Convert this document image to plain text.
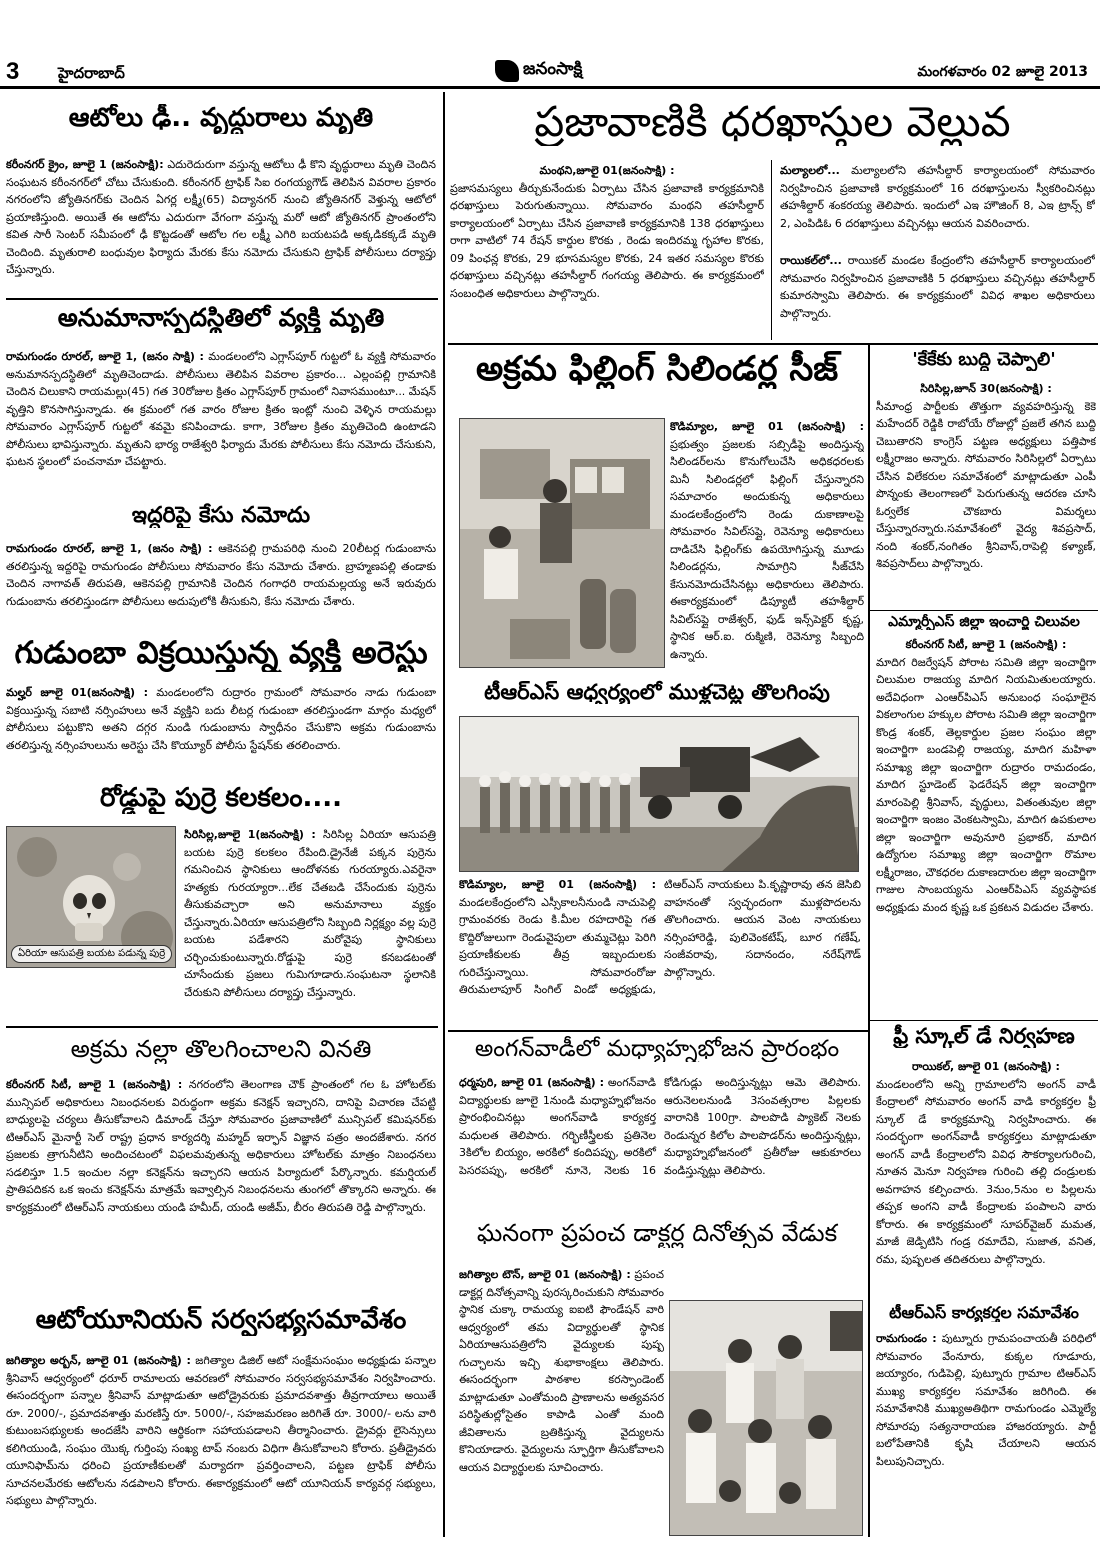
3	హైదరాబాద్	జనంసాక్షి	మంగళవారం 02 జూలై 2013
ఆటోలు ఢీ.. వృద్ధురాలు మృతి
కరీంనగర్ క్రైం, జూలై 1 (జనంసాక్షి): ఎదురెదురుగా వస్తున్న ఆటోలు ఢీ కొని వృద్ధురాలు మృతి చెందిన సంఘటన కరీంనగర్‌లో చోటు చేసుకుంది. కరీంనగర్ ట్రాఫిక్ సిఐ రంగయ్యగౌడ్ తెలిపిన వివరాల ప్రకారం నగరంలోని జ్యోతినగర్‌కు చెందిన ఏగర్ల లక్ష్మీ(65) విద్యానగర్ నుంచి జ్యోతినగర్ వెళ్తున్న ఆటోలో ప్రయాణిస్తుంది. అయితే ఈ ఆటోను ఎదురుగా వేగంగా వస్తున్న మరో ఆటో జ్యోతినగర్ ప్రాంతంలోని కవిత సారీ సెంటర్ సమీపంలో ఢీ కొట్టడంతో ఆటోల గల లక్ష్మీ ఎగిరి బయటపడి అక్కడికక్కడే మృతి చెందింది. మృతురాలి బంధువుల ఫిర్యాదు మేరకు కేసు నమోదు చేసుకుని ట్రాఫిక్ పోలీసులు దర్యాప్తు చేస్తున్నారు.
అనుమానాస్పదస్థితిలో వ్యక్తి మృతి
రామగుండం రూరల్, జూలై 1, (జనం సాక్షి) : మండలంలోని ఎగ్లాస్‌పూర్ గుట్టలో ఓ వ్యక్తి సోమవారం అనుమానస్పదస్థితిలో మృతిచెందాడు. పోలీసులు తెలిపిన వివరాల ప్రకారం... ఎల్లంపల్లి గ్రామానికి చెందిన చిలుకాని రాయమల్లు(45) గత 30రోజుల క్రితం ఎగ్లాస్‌పూర్ గ్రామంలో నివాసముంటూ... మేషన్ వృత్తిని కొనసాగిస్తున్నాడు. ఈ క్రమంలో గత వారం రోజుల క్రితం ఇంట్లో నుంచి వెళ్ళిన రాయమల్లు సోమవారం ఎగ్లాస్‌పూర్ గుట్టలో శవమై కనిపించాడు. కాగా, 3రోజుల క్రితం మృతిచెంది ఉంటాడని పోలీసులు భావిస్తున్నారు. మృతుని భార్య రాజేశ్వరి ఫిర్యాదు మేరకు పోలీసులు కేసు నమోదు చేసుకుని, ఘటన స్థలంలో పంచనామా చేపట్టారు.
ఇద్దరిపై కేసు నమోదు
రామగుండం రూరల్, జూలై 1, (జనం సాక్షి) : ఆకెనపల్లి గ్రామపరిధి నుంచి 20లీటర్ల గుడుంబాను తరలిస్తున్న ఇద్దరిపై రామగుండం పోలీసులు సోమవారం కేసు నమోదు చేశారు. బ్రాహ్మణపల్లి తండాకు చెందిన నాగావత్ తిరుపతి, ఆకెనపల్లి గ్రామానికి చెందిన గంగాధరి రాయమల్లయ్య అనే ఇరువురు గుడుంబాను తరలిస్తుండగా పోలీసులు అదుపులోకి తీసుకుని, కేసు నమోదు చేశారు.
గుడుంబా విక్రయిస్తున్న వ్యక్తి అరెస్టు
మల్హర్ జూలై 01(జనంసాక్షి) : మండలంలోని రుద్రారం గ్రామంలో సోమవారం నాడు గుడుంబా విక్రయిస్తున్న సబాటి నర్సింహులు అనే వ్యక్తిని బదు లీటర్ల గుడుంబా తరలిస్తుండగా మార్గం మధ్యలో పోలీసులు పట్టుకొని అతని దగ్గర నుండి గుడుంబాను స్వాధీనం చేసుకొని అక్రమ గుడుంబాను తరలిస్తున్న నర్సింహులును అరెస్టు చేసి కొయ్యూర్ పోలీసు స్టేషన్‌కు తరలించారు.
రోడ్డుపై పుర్రె కలకలం....
ఏరియా ఆసుపత్రి బయట పడున్న పుర్రె
సిరిసిల్ల,జూలై 1(జనంసాక్షి) : సిరిసిల్ల ఏరియా ఆసుపత్రి బయట పుర్రె కలకలం రేపింది.డ్రైనేజీ పక్కన పుర్రెను గమనించిన స్థానికులు ఆందోళనకు గురయ్యారు.ఎవరైనా హత్యకు గురయ్యారా...లేక చేతబడి చేసేందుకు పుర్రెను తీసుకువచ్చారా అని అనుమానాలు వ్యక్తం చేస్తున్నారు.ఏరియా ఆసుపత్రిలోని సిబ్బంది నిర్లక్ష్యం వల్ల పుర్రె బయట పడేశారని మరోవైపు స్థానికులు చర్చించుకుంటున్నారు.రోడ్డుపై పుర్రె కనబడటంతో చూసేందుకు ప్రజలు గుమిగూడారు.సంఘటనా స్థలానికి చేరుకుని పోలీసులు దర్యాప్తు చేస్తున్నారు.
అక్రమ నల్లా తొలగించాలని వినతి
కరీంనగర్ సిటీ, జూలై 1 (జనంసాక్షి) : నగరంలోని తెలంగాణ చౌక్ ప్రాంతంలో గల ఓ హోటల్‌కు మున్సిపల్ అధికారులు నిబంధనలకు విరుద్ధంగా అక్రమ కనెక్షన్ ఇచ్చారని, దానిపై విచారణ చేపట్టి బాధ్యులపై చర్యలు తీసుకోవాలని డిమాండ్ చేస్తూ సోమవారం ప్రజావాణిలో మున్సిపల్ కమిషనర్‌కు టిఆర్ఎస్ మైనార్టీ సెల్ రాష్ట్ర ప్రధాన కార్యదర్శి మహ్మద్ ఇర్ఫాన్ విజ్ఞాన పత్రం అందజేశారు. నగర ప్రజలకు త్రాగునీటిని అందించటంలో విఫలమవుతున్న అధికారులు హోటల్‌కు మాత్రం నిబంధనలు సడలిస్తూ 1.5 ఇంచుల నల్లా కనెక్షన్‌ను ఇచ్చారని ఆయన పిర్యాదులో పేర్కొన్నారు. కమర్షియల్ ప్రాతిపదికన ఒక ఇంచు కనెక్షన్‌ను మాత్రమే ఇవ్వాల్సిన నిబంధనలను తుంగలో తొక్కారని అన్నారు. ఈ కార్యక్రమంలో టిఆర్ఎస్ నాయకులు యండి హమీద్, యండి అజీమ్, బీరం తిరుపతి రెడ్డి పాల్గొన్నారు.
ఆటోయూనియన్ సర్వసభ్యసమావేశం
జగిత్యాల అర్బన్, జూలై 01 (జనంసాక్షి) : జగిత్యాల డిజిల్ ఆటో సంక్షేమసంఘం అధ్యక్షుడు పన్నాల శ్రీనివాస్ ఆధ్వర్యంలో ధరూర్ రామాలయ ఆవరణలో సోమవారం సర్వసభ్యసమావేశం నిర్వహించారు. ఈసందర్భంగా పన్నాల శ్రీనివాస్ మాట్లాడుతూ ఆటోడ్రైవరుకు ప్రమాదవశాత్తు తీవ్రగాయాలు అయితే రూ. 2000/-, ప్రమాదవశాత్తు మరణిస్తే రూ. 5000/-, సహజమరణం జరిగితే రూ. 3000/- లను వారి కుటుంబసభ్యులకు అందజేసి వారిని ఆర్థికంగా సహాయపడాలని తీర్మానించారు. డ్రైవర్లు లైసెన్సులు కలిగియుండి, సంఘం యొక్క గుర్తింపు సంఖ్య టాప్ నంబరు విధిగా తీసుకోవాలని కోరారు. ప్రతీడ్రైవరు యూనిఫామ్‌ను ధరించి ప్రయాణీకులతో మర్యాదగా ప్రవర్తించాలని, పట్టణ ట్రాఫిక్ పోలీసు సూచనలమేరకు ఆటోలను నడపాలని కోరారు. ఈకార్యక్రమంలో ఆటో యూనియన్ కార్యవర్గ సభ్యులు, సభ్యులు పాల్గొన్నారు.
ప్రజావాణికి ధరఖాస్తుల వెల్లువ
మంథని,జూలై 01(జనంసాక్షి) :
ప్రజాసమస్యలు తీర్చుకునేందుకు ఏర్పాటు చేసిన ప్రజావాణి కార్యక్రమానికి ధరఖాస్తులు పెరుగుతున్నాయి. సోమవారం మంథని తహసీల్దార్ కార్యాలయంలో ఏర్పాటు చేసిన ప్రజావాణి కార్యక్రమానికి 138 ధరఖాస్తులు రాగా వాటిలో 74 రేషన్ కార్డుల కొరకు , రెండు ఇందిరమ్మ గృహాల కొరకు, 09 పింఛన్ల కొరకు, 29 భూసమస్యల కొరకు, 24 ఇతర సమస్యల కొరకు ధరఖాస్తులు వచ్చినట్లు తహసీల్దార్ గంగయ్య తెలిపారు. ఈ కార్యక్రమంలో సంబంధిత అధికారులు పాల్గొన్నారు.
మల్యాలలో... మల్యాలలోని తహసీల్దార్ కార్యాలయంలో సోమవారం నిర్వహించిన ప్రజావాణి కార్యక్రమంలో 16 దరఖాస్తులను స్వీకరించినట్లు తహశీల్దార్ శంకరయ్య తెలిపారు. ఇందులో ఎఇ హౌజింగ్ 8, ఎఇ ట్రాన్స్ కో 2, ఎంపిడిఓ 6 దరఖాస్తులు వచ్చినట్లు ఆయన వివరించారు.
రాయికల్‌లో... రాయికల్ మండల కేంద్రంలోని తహసీల్దార్ కార్యాలయంలో సోమవారం నిర్వహించిన ప్రజావాణికి 5 ధరఖాస్తులు వచ్చినట్లు తహసీల్దార్ కుమారస్వామి తెలిపారు. ఈ కార్యక్రమంలో వివిధ శాఖల అధికారులు పాల్గొన్నారు.
అక్రమ ఫిల్లింగ్ సిలిండర్ల సీజ్
కొడిమ్యాల, జూలై 01 (జనంసాక్షి) : ప్రభుత్వం ప్రజలకు సబ్సిడీపై అందిస్తున్న సిలిండర్‌లను కొనుగోలుచేసి అధికధరలకు మినీ సిలిండర్లలో ఫిల్లింగ్ చేస్తున్నారని సమాచారం అందుకున్న అధికారులు మండలకేంద్రంలోని రెండు దుకాణాలపై సోమవారం సివిల్‌సప్లై, రెవెన్యూ అధికారులు దాడిచేసి ఫిల్లింగ్‌కు ఉపయోగిస్తున్న మూడు సిలిండర్లను, సామాగ్రిని సీజ్‌చేసి కేసునమోదుచేసినట్లు అధికారులు తెలిపారు. ఈకార్యక్రమంలో డిప్యూటీ తహశీల్దార్ సివిల్‌సప్లై రాజేశ్వర్, ఫుడ్ ఇన్స్‌పెక్టర్ కృష్ణ, స్థానిక ఆర్.ఐ. రుక్మిణి, రెవెన్యూ సిబ్బంది ఉన్నారు.
టీఆర్ఎస్ ఆధ్వర్యంలో ముళ్లచెట్ల తొలగింపు
కొడిమ్యాల, జూలై 01 (జనంసాక్షి) : మండలకేంద్రంలోని ఎస్సీకాలనీనుండి నాచుపెల్లి గ్రామంవరకు రెండు కి.మీల రహదారిపై గత కొద్దిరోజులుగా రెండువైపులా తుమ్మచెట్లు పెరిగి ప్రయాణీకులకు తీవ్ర ఇబ్బందులకు గురిచేస్తున్నాయి. సోమవారంరోజు తిరుమలాపూర్ సింగిల్ విండో అధ్యక్షుడు, టిఆర్ఎస్ నాయకులు పి.కృష్ణారావు తన జెసిబి వాహనంతో స్వచ్ఛందంగా ముళ్లపొదలను తొలగించారు. ఆయన వెంట నాయకులు నర్సింహారెడ్డి, పులివెంకటేష్, బూర గణేష్, సంజీవరావు, సదానందం, నరేష్‌గౌడ్ పాల్గొన్నారు.
అంగన్‌వాడీలో మధ్యాహ్నభోజన ప్రారంభం
ధర్మపురి, జూలై 01 (జనంసాక్షి) : అంగన్‌వాడి విద్యార్థులకు జూలై 1నుండి మధ్యాహ్నభోజనం ప్రారంభించినట్లు అంగన్‌వాడి కార్యకర్త మధులత తెలిపారు. గర్భిణీస్త్రీలకు ప్రతినెల 3కిలోల బియ్యం, అరకిలో కందిపప్పు, అరకిలో పెసరపప్పు, అరకిలో నూనె, నెలకు 16 కోడిగుడ్లు అందిస్తున్నట్లు ఆమె తెలిపారు. ఆరునెలలనుండి 3సంవత్సరాల పిల్లలకు వారానికి 100గ్రా. పాలపొడి ప్యాకెట్ నెలకు రెండున్నర కిలోల పాలపొడర్‌ను అందిస్తున్నట్లు, మధ్యాహ్నభోజనంలో ప్రతీరోజు ఆకుకూరలు వండిస్తున్నట్లు తెలిపారు.
ఘనంగా ప్రపంచ డాక్టర్ల దినోత్సవ వేడుక
జగిత్యాల టౌన్, జూలై 01 (జనంసాక్షి) : ప్రపంచ డాక్టర్ల దినోత్సవాన్ని పురస్కరించుకుని సోమవారం స్థానిక చుక్కా రామయ్య ఐఐటి ఫౌండేషన్ వారి ఆధ్వర్యంలో తమ విద్యార్థులతో స్థానిక ఏరియాఆసుపత్రిలోని వైద్యులకు పుష్ప గుచ్ఛాలను ఇచ్చి శుభాకాంక్షలు తెలిపారు. ఈసందర్భంగా పాఠశాల కరస్పాండెంట్ మాట్లాడుతూ ఎంతోమంది ప్రాణాలను అత్యవసర పరిస్థితుల్లోసైతం కాపాడి ఎంతో మంది జీవితాలను బ్రతికిస్తున్న వైద్యులను కొనియాడారు. వైద్యులను స్ఫూర్తిగా తీసుకోవాలని ఆయన విద్యార్థులకు సూచించారు.
'కేకేకు బుద్ధి చెప్పాలి'
సిరిసిల్ల,జూన్ 30(జనంసాక్షి) :
సీమాంధ్ర పార్టీలకు తొత్తుగా వ్యవహరిస్తున్న కెకె మహేందర్ రెడ్డికి రాబోయే రోజుల్లో ప్రజలే తగిన బుద్ది చెబుతారని కాంగ్రెస్ పట్టణ అధ్యక్షులు పత్తిపాక లక్ష్మీరాజం అన్నారు. సోమవారం సిరిసిల్లలో ఏర్పాటు చేసిన విలేకరుల సమావేశంలో మాట్లాడుతూ ఎంపీ పొన్నంకు తెలంగాణలో పెరుగుతున్న ఆదరణ చూసి ఓర్వలేక చౌకబారు విమర్శలు చేస్తున్నారన్నారు.సమావేశంలో వైద్య శివప్రసాద్, నంది శంకర్,నంగితం శ్రీనివాస్,రాపెల్లి కళ్యాణ్, శివప్రసాద్‌లు పాల్గొన్నారు.
ఎమ్మార్పీఎస్ జిల్లా ఇంచార్జి చిలువల
కరీంనగర్ సిటీ, జూలై 1 (జనంసాక్షి) :
మాదిగ రిజర్వేషన్ పోరాట సమితి జిల్లా ఇంచార్జిగా చిలుమల రాజయ్య మాదిగ నియమితులయ్యారు. అదేవిధంగా ఎంఆర్‌పిఎస్ అనుబంధ సంఘాలైన వికలాంగుల హక్కుల పోరాట సమితి జిల్లా ఇంచార్జిగా కొండ్ర శంకర్, తెల్లకార్డుల ప్రజల సంఘం జిల్లా ఇంచార్జిగా బండపెల్లి రాజయ్య, మాదిగ మహిళా సమాఖ్య జిల్లా ఇంచార్జిగా రుద్రారం రామదండం, మాదిగ స్టూడెంట్ ఫెడరేషన్ జిల్లా ఇంచార్జిగా మారంపెల్లి శ్రీనివాస్, వృద్ధులు, వితంతువుల జిల్లా ఇంచార్జిగా ఇంజం వెంకటస్వామి, మాదిగ ఉపకులాల జిల్లా ఇంచార్జిగా అవునూరి ప్రభాకర్, మాదిగ ఉద్యోగుల సమాఖ్య జిల్లా ఇంచార్జిగా రొమాల లక్ష్మీరాజం, చౌకధరల దుకాణదారుల జిల్లా ఇంచార్జిగా గాజుల సాంబయ్యను ఎంఆర్‌పిఎస్ వ్యవస్థాపక అధ్యక్షుడు మంద కృష్ణ ఒక ప్రకటన విడుదల చేశారు.
ఫ్రీ స్కూల్ డే నిర్వహణ
రాయికల్, జూలై 01 (జనంసాక్షి) :
మండలంలోని అన్ని గ్రామాలలోని అంగన్ వాడీ కేంద్రాలలో సోమవారం అంగన్ వాడి కార్యకర్తల ఫ్రీ స్కూల్ డే కార్యక్రమాన్ని నిర్వహించారు. ఈ సందర్భంగా అంగన్‌వాడీ కార్యకర్తలు మాట్లాడుతూ అంగన్ వాడీ కేంద్రాలలోని వివిధ సౌకర్యాలగురించి, నూతన మెనూ నిర్వహణ గురించి తల్లి దండ్రులకు అవగాహన కల్పించారు. 3నుం,5నుం ల పిల్లలను తప్పక అంగని వాడీ కేంద్రాలకు పంపాలని వారు కోరారు. ఈ కార్యక్రమంలో సూపర్‌వైజర్ మమత, మాజీ జెడ్పిటిసి గండ్ర రమాదేవి, సుజాత, వనిత, రమ, పుష్పలత తదితరులు పాల్గొన్నారు.
టీఆర్ఎస్ కార్యకర్తల సమావేశం
రామగుండం : పుట్నూరు గ్రామపంచాయతీ పరిధిలో సోమవారం వేంనూరు, కుక్కల గూడూరు, జయ్యారం, గుడిపెల్లి, పుట్నూరు గ్రామాల టిఆర్ఎస్ ముఖ్య కార్యకర్తల సమావేశం జరిగింది. ఈ సమావేశానికి ముఖ్యఅతిథిగా రామగుండం ఎమ్మెల్యే సోమారపు సత్యనారాయణ హాజరయ్యారు. పార్టీ బలోపేతానికి కృషి చేయాలని ఆయన పిలుపునిచ్చారు.
